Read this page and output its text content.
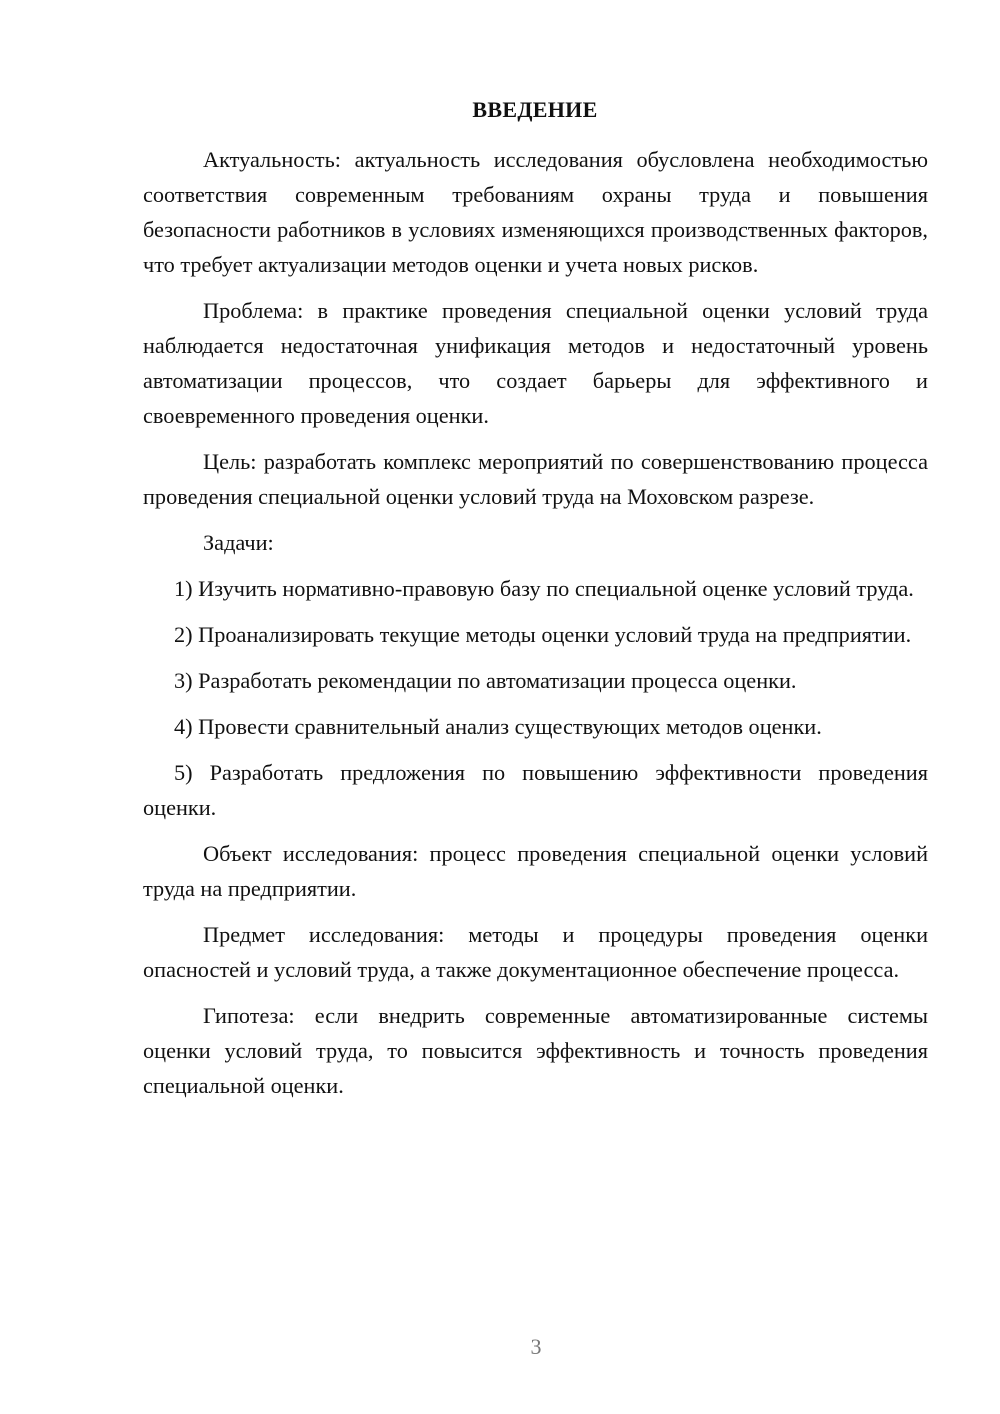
ВВЕДЕНИЕ

Актуальность: актуальность исследования обусловлена необходимостью соответствия современным требованиям охраны труда и повышения безопасности работников в условиях изменяющихся производственных факторов, что требует актуализации методов оценки и учета новых рисков.

Проблема: в практике проведения специальной оценки условий труда наблюдается недостаточная унификация методов и недостаточный уровень автоматизации процессов, что создает барьеры для эффективного и своевременного проведения оценки.

Цель: разработать комплекс мероприятий по совершенствованию процесса проведения специальной оценки условий труда на Моховском разрезе.

Задачи:

1) Изучить нормативно-правовую базу по специальной оценке условий труда.

2) Проанализировать текущие методы оценки условий труда на предприятии.

3) Разработать рекомендации по автоматизации процесса оценки.

4) Провести сравнительный анализ существующих методов оценки.

5) Разработать предложения по повышению эффективности проведения оценки.

Объект исследования: процесс проведения специальной оценки условий труда на предприятии.

Предмет исследования: методы и процедуры проведения оценки опасностей и условий труда, а также документационное обеспечение процесса.

Гипотеза: если внедрить современные автоматизированные системы оценки условий труда, то повысится эффективность и точность проведения специальной оценки.

3
